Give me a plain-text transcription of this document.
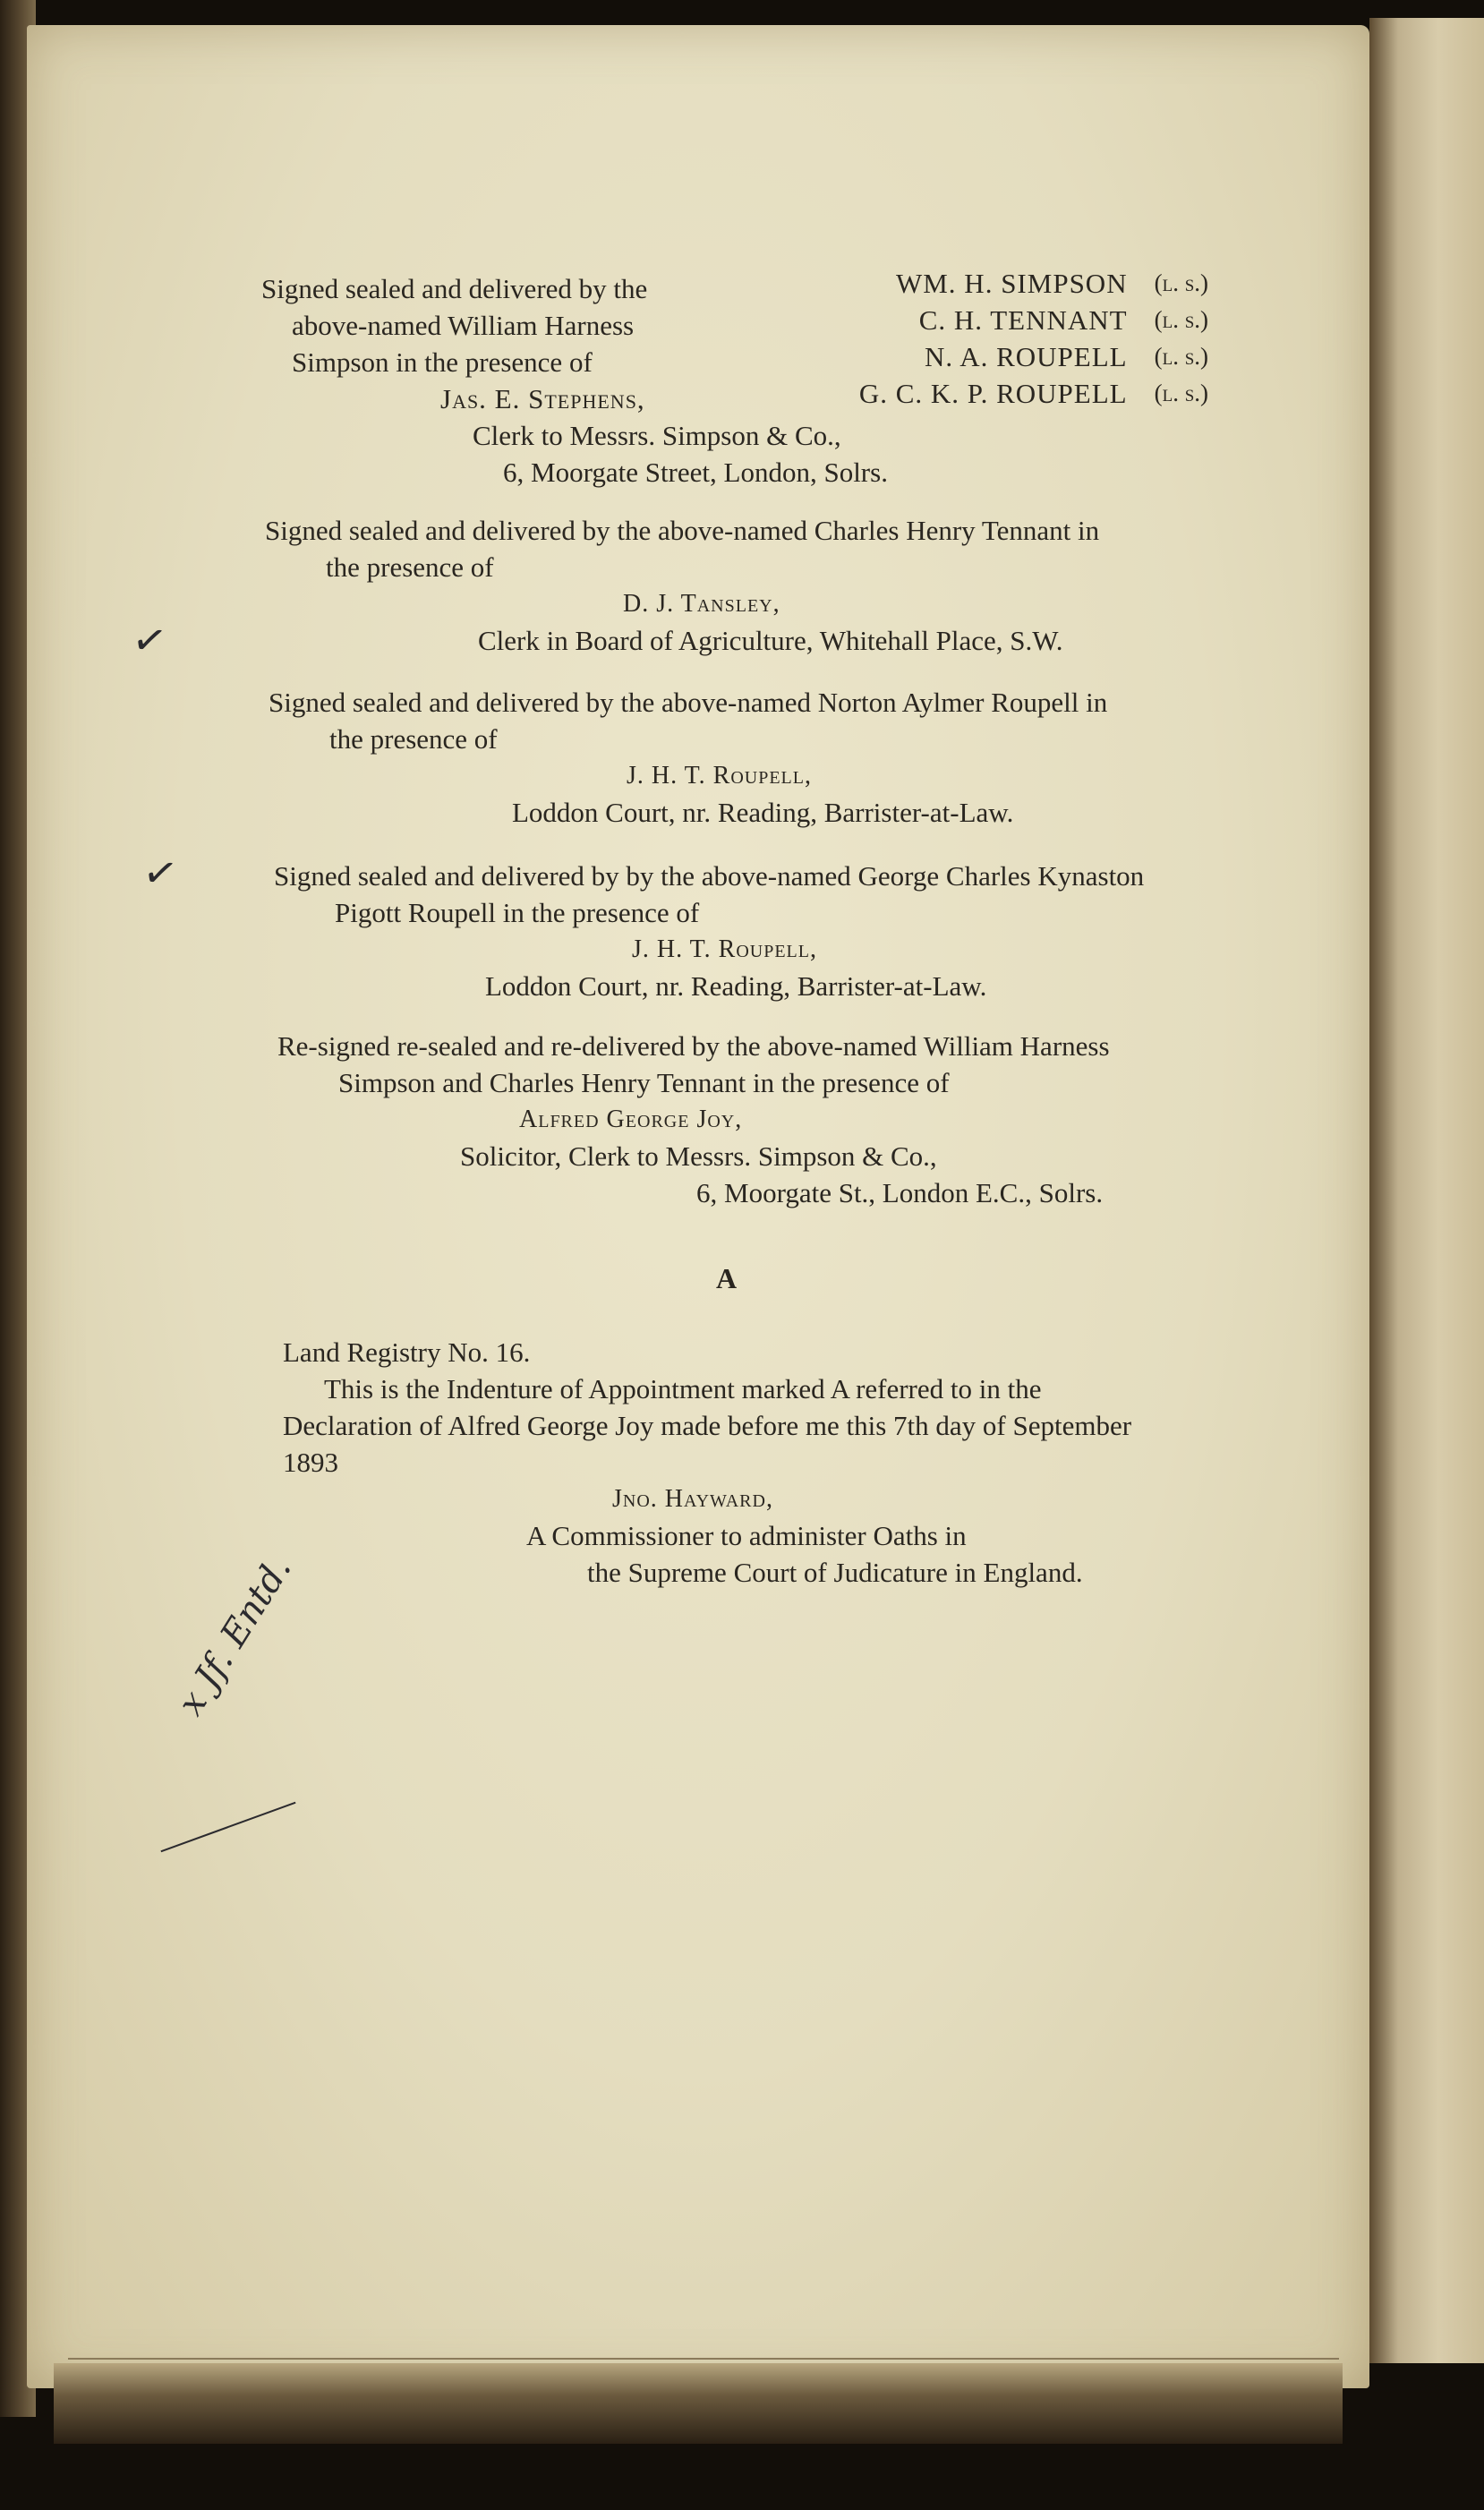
Signed sealed and delivered by the
above-named William Harness
Simpson in the presence of
Jas. E. Stephens,
WM. H. SIMPSON (l. s.)
C. H. TENNANT (l. s.)
N. A. ROUPELL (l. s.)
G. C. K. P. ROUPELL (l. s.)
Clerk to Messrs. Simpson & Co.,
6, Moorgate Street, London, Solrs.
Signed sealed and delivered by the above-named Charles Henry Tennant in
the presence of
D. J. Tansley,
Clerk in Board of Agriculture, Whitehall Place, S.W.
Signed sealed and delivered by the above-named Norton Aylmer Roupell in
the presence of
J. H. T. Roupell,
Loddon Court, nr. Reading, Barrister-at-Law.
Signed sealed and delivered by by the above-named George Charles Kynaston
Pigott Roupell in the presence of
J. H. T. Roupell,
Loddon Court, nr. Reading, Barrister-at-Law.
Re-signed re-sealed and re-delivered by the above-named William Harness
Simpson and Charles Henry Tennant in the presence of
Alfred George Joy,
Solicitor, Clerk to Messrs. Simpson & Co.,
6, Moorgate St., London E.C., Solrs.
A
Land Registry No. 16.
This is the Indenture of Appointment marked A referred to in the
Declaration of Alfred George Joy made before me this 7th day of September
1893
Jno. Hayward,
A Commissioner to administer Oaths in
the Supreme Court of Judicature in England.
✓
✓
x Jf. Entd.
